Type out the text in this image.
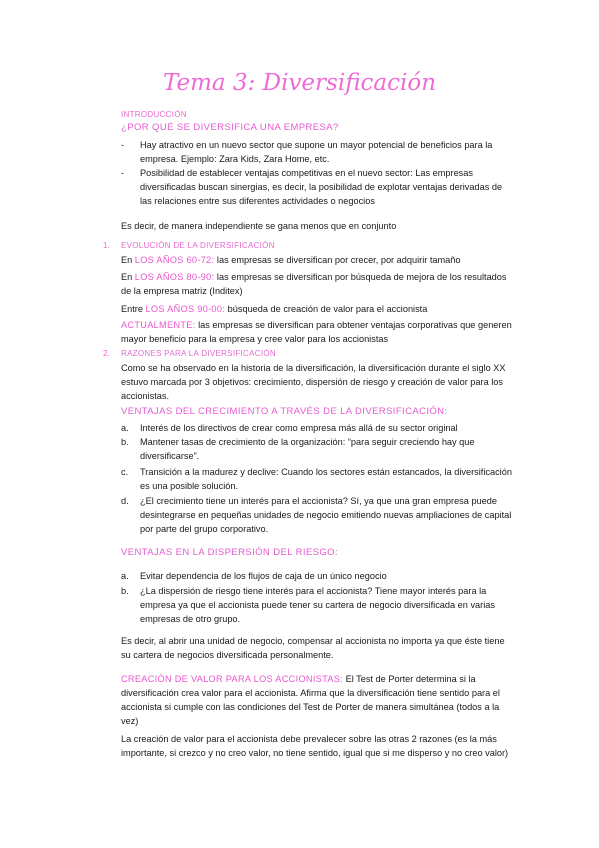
Tema 3: Diversificación
INTRODUCCIÓN
¿POR QUÉ SE DIVERSIFICA UNA EMPRESA?
- Hay atractivo en un nuevo sector que supone un mayor potencial de beneficios para la empresa. Ejemplo: Zara Kids, Zara Home, etc.
- Posibilidad de establecer ventajas competitivas en el nuevo sector: Las empresas diversificadas buscan sinergias, es decir, la posibilidad de explotar ventajas derivadas de las relaciones entre sus diferentes actividades o negocios
Es decir, de manera independiente se gana menos que en conjunto
1. EVOLUCIÓN DE LA DIVERSIFICACIÓN
En LOS AÑOS 60-72: las empresas se diversifican por crecer, por adquirir tamaño
En LOS AÑOS 80-90: las empresas se diversifican por búsqueda de mejora de los resultados de la empresa matriz (Inditex)
Entre LOS AÑOS 90-00: búsqueda de creación de valor para el accionista
ACTUALMENTE: las empresas se diversifican para obtener ventajas corporativas que generen mayor beneficio para la empresa y cree valor para los accionistas
2. RAZONES PARA LA DIVERSIFICACIÓN
Como se ha observado en la historia de la diversificación, la diversificación durante el siglo XX estuvo marcada por 3 objetivos: crecimiento, dispersión de riesgo y creación de valor para los accionistas.
VENTAJAS DEL CRECIMIENTO A TRAVÉS DE LA DIVERSIFICACIÓN:
a. Interés de los directivos de crear como empresa más allá de su sector original
b. Mantener tasas de crecimiento de la organización: “para seguir creciendo hay que diversificarse”.
c. Transición a la madurez y declive: Cuando los sectores están estancados, la diversificación es una posible solución.
d. ¿El crecimiento tiene un interés para el accionista? Sí, ya que una gran empresa puede desintegrarse en pequeñas unidades de negocio emitiendo nuevas ampliaciones de capital por parte del grupo corporativo.
VENTAJAS EN LA DISPERSIÓN DEL RIESGO:
a. Evitar dependencia de los flujos de caja de un único negocio
b. ¿La dispersión de riesgo tiene interés para el accionista? Tiene mayor interés para la empresa ya que el accionista puede tener su cartera de negocio diversificada en varias empresas de otro grupo.
Es decir, al abrir una unidad de negocio, compensar al accionista no importa ya que éste tiene su cartera de negocios diversificada personalmente.
CREACIÓN DE VALOR PARA LOS ACCIONISTAS: El Test de Porter determina si la diversificación crea valor para el accionista. Afirma que la diversificación tiene sentido para el accionista si cumple con las condiciones del Test de Porter de manera simultánea (todos a la vez)
La creación de valor para el accionista debe prevalecer sobre las otras 2 razones (es la más importante, si crezco y no creo valor, no tiene sentido, igual que si me disperso y no creo valor)
